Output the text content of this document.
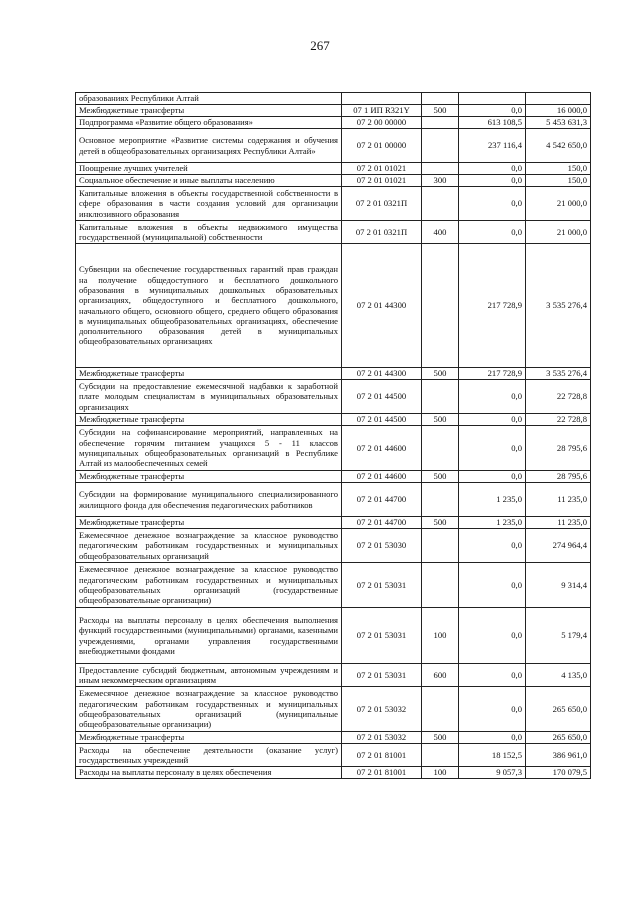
267
образованиях Республики Алтай				
Межбюджетные трансферты	07 1 ИП R321Y	500	0,0	16 000,0
Подпрограмма «Развитие общего образования»	07 2 00 00000		613 108,5	5 453 631,3
Основное мероприятие «Развитие системы содержания и обучения детей в общеобразовательных организациях Республики Алтай»	07 2 01 00000		237 116,4	4 542 650,0
Поощрение лучших учителей	07 2 01 01021		0,0	150,0
Социальное обеспечение и иные выплаты населению	07 2 01 01021	300	0,0	150,0
Капитальные вложения в объекты государственной собственности в сфере образования в части создания условий для организации инклюзивного образования	07 2 01 0321П		0,0	21 000,0
Капитальные вложения в объекты недвижимого имущества государственной (муниципальной) собственности	07 2 01 0321П	400	0,0	21 000,0
Субвенции на обеспечение государственных гарантий прав граждан на получение общедоступного и бесплатного дошкольного образования в муниципальных дошкольных образовательных организациях, общедоступного и бесплатного дошкольного, начального общего, основного общего, среднего общего образования в муниципальных общеобразовательных организациях, обеспечение дополнительного образования детей в муниципальных общеобразовательных организациях	07 2 01 44300		217 728,9	3 535 276,4
Межбюджетные трансферты	07 2 01 44300	500	217 728,9	3 535 276,4
Субсидии на предоставление ежемесячной надбавки к заработной плате молодым специалистам в муниципальных образовательных организациях	07 2 01 44500		0,0	22 728,8
Межбюджетные трансферты	07 2 01 44500	500	0,0	22 728,8
Субсидии на софинансирование мероприятий, направленных на обеспечение горячим питанием учащихся 5 - 11 классов муниципальных общеобразовательных организаций в Республике Алтай из малообеспеченных семей	07 2 01 44600		0,0	28 795,6
Межбюджетные трансферты	07 2 01 44600	500	0,0	28 795,6
Субсидии на формирование муниципального специализированного жилищного фонда для обеспечения педагогических работников	07 2 01 44700		1 235,0	11 235,0
Межбюджетные трансферты	07 2 01 44700	500	1 235,0	11 235,0
Ежемесячное денежное вознаграждение за классное руководство педагогическим работникам государственных и муниципальных общеобразовательных организаций	07 2 01 53030		0,0	274 964,4
Ежемесячное денежное вознаграждение за классное руководство педагогическим работникам государственных и муниципальных общеобразовательных организаций (государственные общеобразовательные организации)	07 2 01 53031		0,0	9 314,4
Расходы на выплаты персоналу в целях обеспечения выполнения функций государственными (муниципальными) органами, казенными учреждениями, органами управления государственными внебюджетными фондами	07 2 01 53031	100	0,0	5 179,4
Предоставление субсидий бюджетным, автономным учреждениям и иным некоммерческим организациям	07 2 01 53031	600	0,0	4 135,0
Ежемесячное денежное вознаграждение за классное руководство педагогическим работникам государственных и муниципальных общеобразовательных организаций (муниципальные общеобразовательные организации)	07 2 01 53032		0,0	265 650,0
Межбюджетные трансферты	07 2 01 53032	500	0,0	265 650,0
Расходы на обеспечение деятельности (оказание услуг) государственных учреждений	07 2 01 81001		18 152,5	386 961,0
Расходы на выплаты персоналу в целях обеспечения	07 2 01 81001	100	9 057,3	170 079,5
